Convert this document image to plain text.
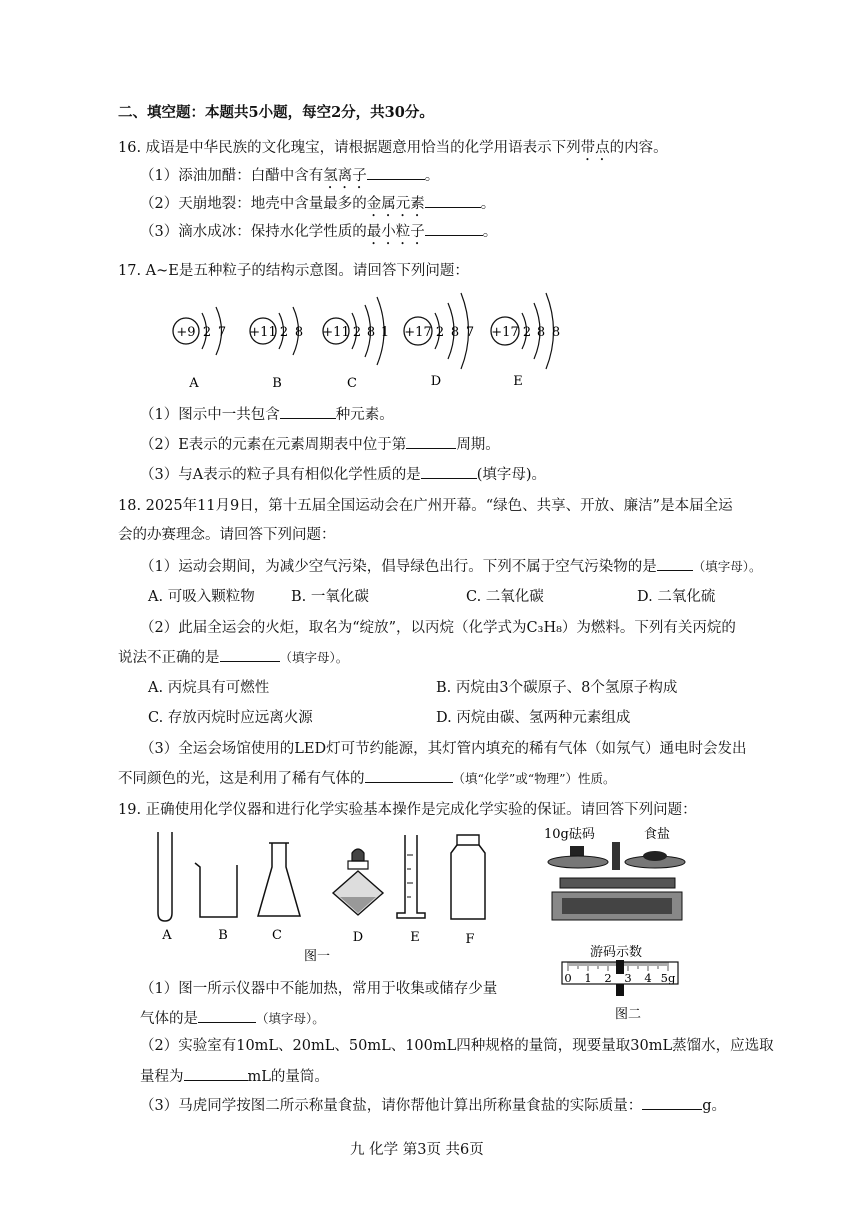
二、填空题：本题共5小题，每空2分，共30分。
16. 成语是中华民族的文化瑰宝，请根据题意用恰当的化学用语表示下列带点的内容。
（1）添油加醋：白醋中含有氢离子	。
（2）天崩地裂：地壳中含量最多的金属元素	。
（3）滴水成冰：保持水化学性质的最小粒子	。
17. A~E是五种粒子的结构示意图。请回答下列问题：
+9 2 7
A
+11 2 8
B
+11 2 8 1
C
+17 2 8 7
D
+17 2 8 8
E
（1）图示中一共包含	种元素。
（2）E表示的元素在元素周期表中位于第	周期。
（3）与A表示的粒子具有相似化学性质的是	(填字母)。
18. 2025年11月9日，第十五届全国运动会在广州开幕。“绿色、共享、开放、廉洁”是本届全运
会的办赛理念。请回答下列问题：
（1）运动会期间，为减少空气污染，倡导绿色出行。下列不属于空气污染物的是	（填字母）。
A. 可吸入颗粒物	B. 一氧化碳	C. 二氧化碳	D. 二氧化硫
（2）此届全运会的火炬，取名为“绽放”，以丙烷（化学式为C₃H₈）为燃料。下列有关丙烷的
说法不正确的是	（填字母）。
A. 丙烷具有可燃性	B. 丙烷由3个碳原子、8个氢原子构成
C. 存放丙烷时应远离火源	D. 丙烷由碳、氢两种元素组成
（3）全运会场馆使用的LED灯可节约能源，其灯管内填充的稀有气体（如氖气）通电时会发出
不同颜色的光，这是利用了稀有气体的	（填“化学”或“物理”）性质。
19. 正确使用化学仪器和进行化学实验基本操作是完成化学实验的保证。请回答下列问题：
A	B	C	D	E	F
图一
10g砝码	食盐
游码示数
0 1 2 3 4 5g
图二
（1）图一所示仪器中不能加热，常用于收集或储存少量
气体的是	（填字母）。
（2）实验室有10mL、20mL、50mL、100mL四种规格的量筒，现要量取30mL蒸馏水，应选取
量程为	mL的量筒。
（3）马虎同学按图二所示称量食盐，请你帮他计算出所称量食盐的实际质量：	g。
九 化学 第3页 共6页
